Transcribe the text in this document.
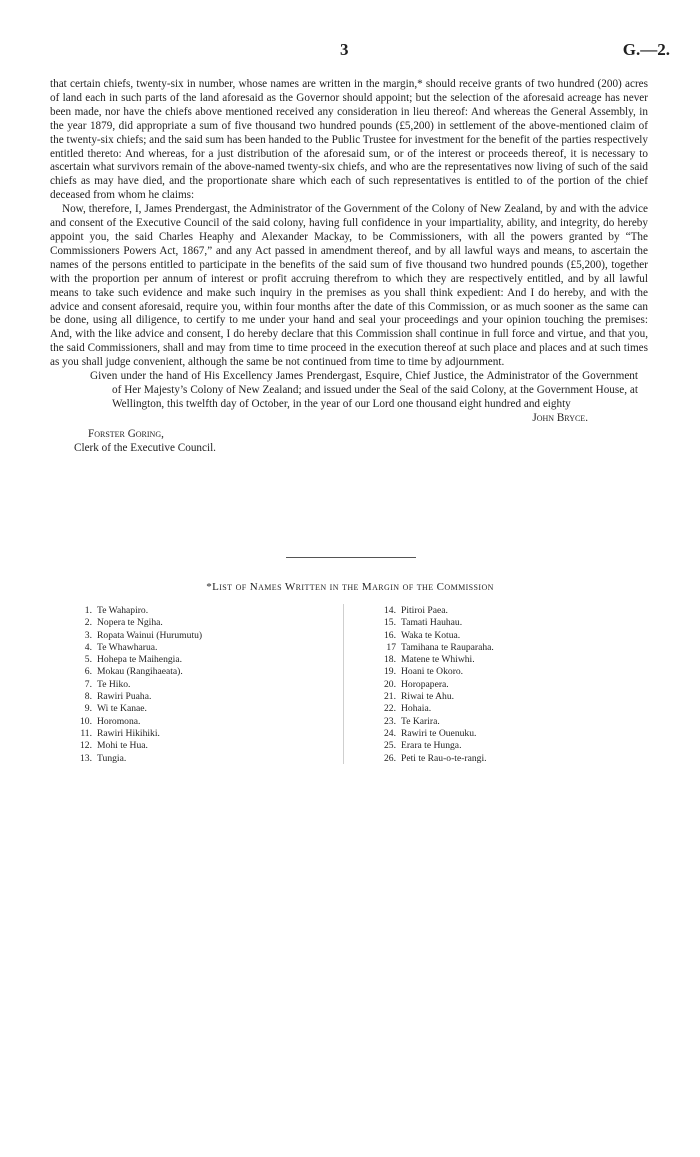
3	G.—2.

that certain chiefs, twenty-six in number, whose names are written in the margin,* should receive grants of two hundred (200) acres of land each in such parts of the land aforesaid as the Governor should appoint; but the selection of the aforesaid acreage has never been made, nor have the chiefs above mentioned received any consideration in lieu thereof: And whereas the General Assembly, in the year 1879, did appropriate a sum of five thousand two hundred pounds (£5,200) in settlement of the above-mentioned claim of the twenty-six chiefs; and the said sum has been handed to the Public Trustee for investment for the benefit of the parties respectively entitled thereto: And whereas, for a just distribution of the aforesaid sum, or of the interest or proceeds thereof, it is necessary to ascertain what survivors remain of the above-named twenty-six chiefs, and who are the representatives now living of such of the said chiefs as may have died, and the proportionate share which each of such representatives is entitled to of the portion of the chief deceased from whom he claims:

Now, therefore, I, James Prendergast, the Administrator of the Government of the Colony of New Zealand, by and with the advice and consent of the Executive Council of the said colony, having full confidence in your impartiality, ability, and integrity, do hereby appoint you, the said Charles Heaphy and Alexander Mackay, to be Commissioners, with all the powers granted by “The Commissioners Powers Act, 1867,” and any Act passed in amendment thereof, and by all lawful ways and means, to ascertain the names of the persons entitled to participate in the benefits of the said sum of five thousand two hundred pounds (£5,200), together with the proportion per annum of interest or profit accruing therefrom to which they are respectively entitled, and by all lawful means to take such evidence and make such inquiry in the premises as you shall think expedient: And I do hereby, and with the advice and consent aforesaid, require you, within four months after the date of this Commission, or as much sooner as the same can be done, using all diligence, to certify to me under your hand and seal your proceedings and your opinion touching the premises: And, with the like advice and consent, I do hereby declare that this Commission shall continue in full force and virtue, and that you, the said Commissioners, shall and may from time to time proceed in the execution thereof at such place and places and at such times as you shall judge convenient, although the same be not continued from time to time by adjournment.

Given under the hand of His Excellency James Prendergast, Esquire, Chief Justice, the Administrator of the Government of Her Majesty’s Colony of New Zealand; and issued under the Seal of the said Colony, at the Government House, at Wellington, this twelfth day of October, in the year of our Lord one thousand eight hundred and eighty

John Bryce.

Forster Goring,

Clerk of the Executive Council.

*List of Names Written in the Margin of the Commission
1. Te Wahapiro.
2. Nopera te Ngiha.
3. Ropata Wainui (Hurumutu)
4. Te Whawharua.
5. Hohepa te Maihengia.
6. Mokau (Rangihaeata).
7. Te Hiko.
8. Rawiri Puaha.
9. Wi te Kanae.
10. Horomona.
11. Rawiri Hikihiki.
12. Mohi te Hua.
13. Tungia.
14. Pitiroi Paea.
15. Tamati Hauhau.
16. Waka te Kotua.
17 Tamihana te Rauparaha.
18. Matene te Whiwhi.
19. Hoani te Okoro.
20. Horopapera.
21. Riwai te Ahu.
22. Hohaia.
23. Te Karira.
24. Rawiri te Ouenuku.
25. Erara te Hunga.
26. Peti te Rau-o-te-rangi.
